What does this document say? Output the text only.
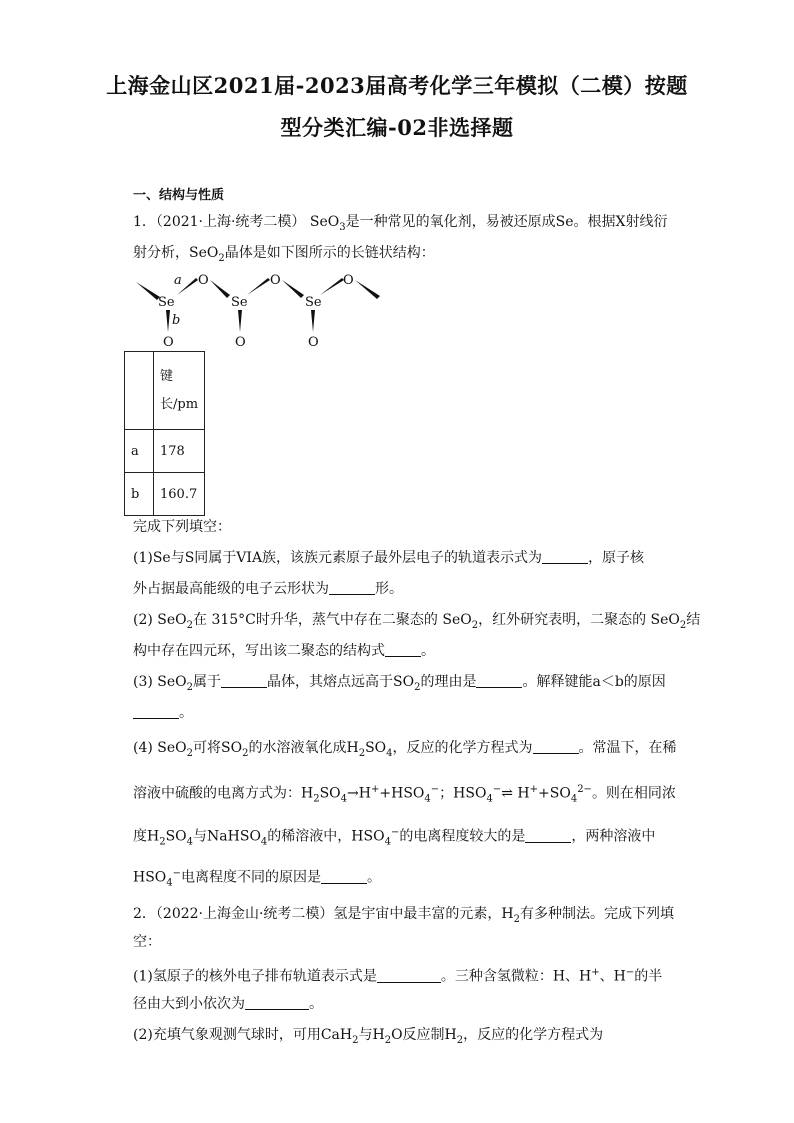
上海金山区2021届-2023届高考化学三年模拟（二模）按题
型分类汇编-02非选择题
一、结构与性质
1．（2021·上海·统考二模） SeO$_3$是一种常见的氧化剂，易被还原成Se。根据X射线衍
射分析，SeO$_2$晶体是如下图所示的长链状结构：
Se
O
Se
O
Se
O
O	O	O
a
b
	键长/pm
a	178
b	160.7
完成下列填空：
(1)Se与S同属于VIA族，该族元素原子最外层电子的轨道表示式为	，原子核
外占据最高能级的电子云形状为	形。
(2) SeO$_2$在 315°C时升华，蒸气中存在二聚态的 SeO$_2$，红外研究表明，二聚态的 SeO$_2$结
构中存在四元环，写出该二聚态的结构式	。
(3) SeO$_2$属于	晶体，其熔点远高于$SO_2$的理由是	。解释键能a＜b的原因
。
(4) SeO$_2$可将$SO_2$的水溶液氧化成$H_2SO_4$，反应的化学方程式为	。常温下，在稀
溶液中硫酸的电离方式为：$H_2SO_4\to H^++HSO_4^-$；$HSO_4^-\rightleftharpoons$ $H^++SO_4^{2-}$。则在相同浓
度$H_2SO_4$与NaHSO$_4$的稀溶液中，$HSO_4^-$的电离程度较大的是	，两种溶液中
$HSO_4^-$电离程度不同的原因是	。
2．（2022·上海金山·统考二模）氢是宇宙中最丰富的元素，$H_2$有多种制法。完成下列填
空：
(1)氢原子的核外电子排布轨道表示式是	。三种含氢微粒：H、H+、H−的半
径由大到小依次为	。
(2)充填气象观测气球时，可用CaH$_2$与$H_2O$反应制$H_2$，反应的化学方程式为
